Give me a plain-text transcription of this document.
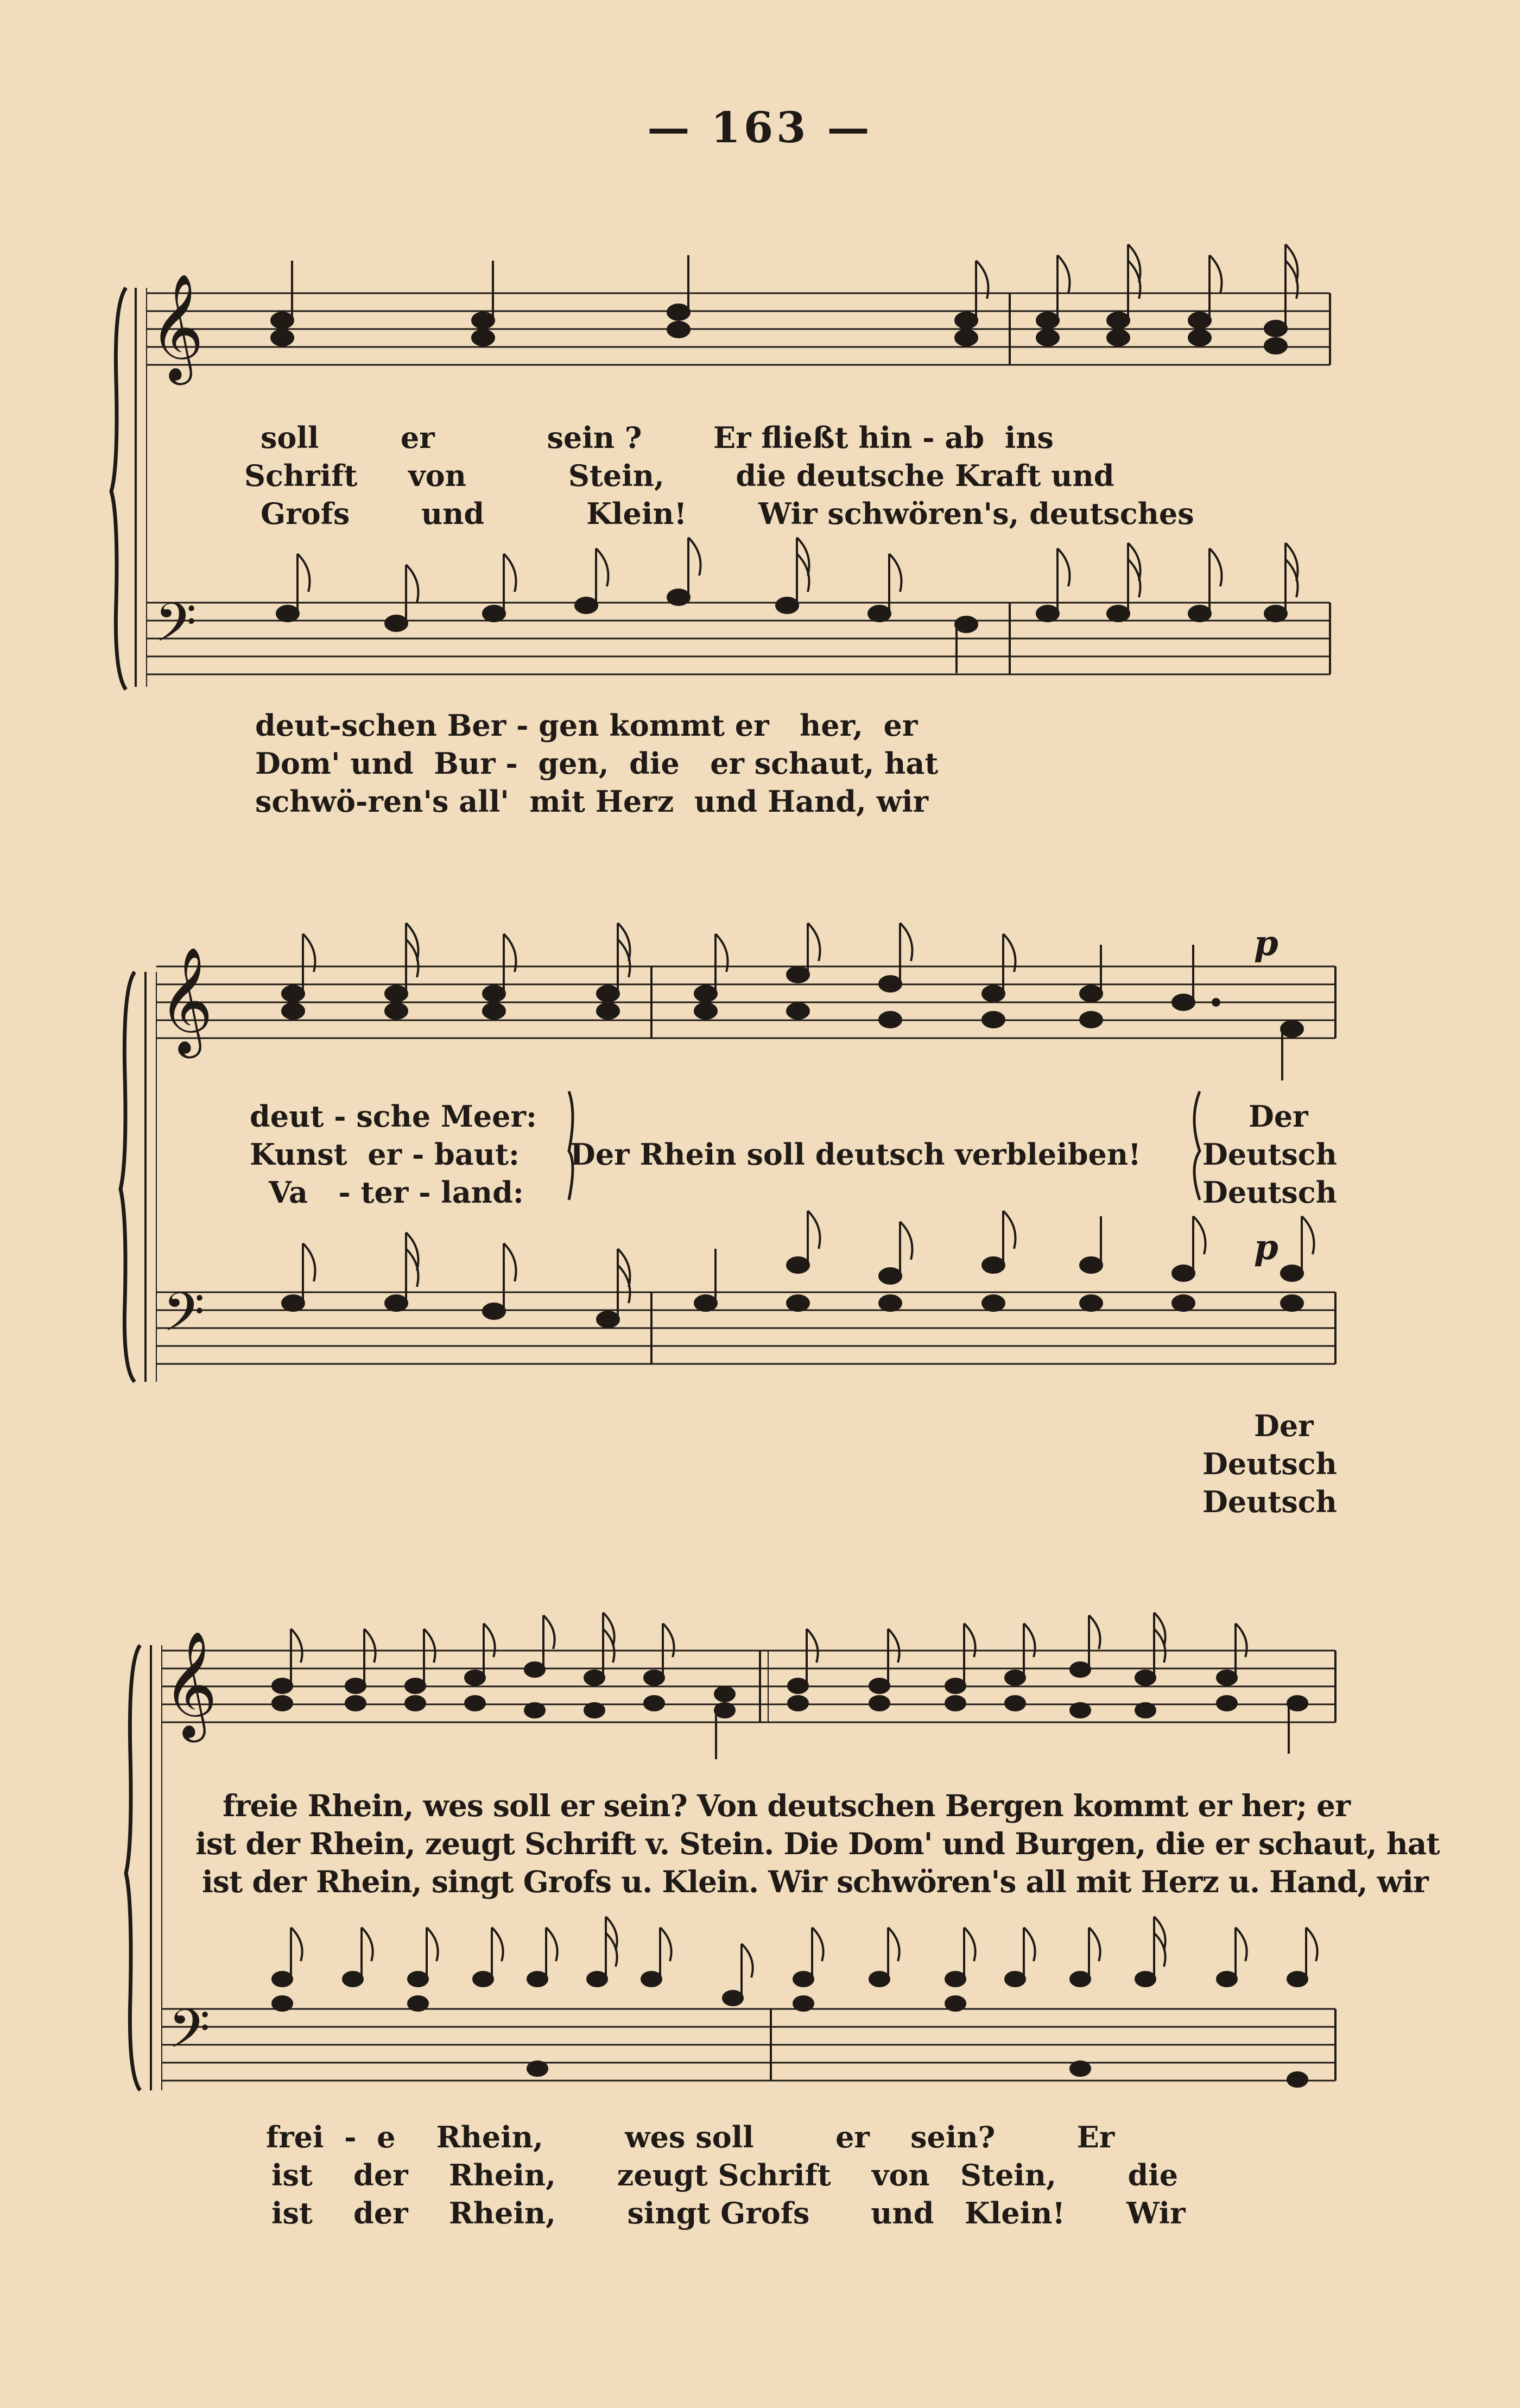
— 163 —

𝄞
𝄢
soll        er           sein ?       Er fließt hin - ab  ins
Schrift     von          Stein,       die deutsche Kraft und
Grofs       und          Klein!       Wir schwören's, deutsches
deut-schen Ber - gen kommt er   her,  er
Dom' und  Bur -  gen,  die   er schaut, hat
schwö-ren's all'  mit Herz  und Hand, wir
𝄞
𝄢
p
p
deut - sche Meer:
Kunst  er - baut:
Va   - ter - land:
Der Rhein soll deutsch verbleiben!
Der
Deutsch
Deutsch
Der
Deutsch
Deutsch
𝄞
𝄢
freie Rhein, wes soll er sein? Von deutschen Bergen kommt er her; er
ist der Rhein, zeugt Schrift v. Stein. Die Dom' und Burgen, die er schaut, hat
ist der Rhein, singt Grofs u. Klein. Wir schwören's all mit Herz u. Hand, wir
frei  -  e    Rhein,        wes soll        er    sein?        Er
ist    der    Rhein,      zeugt Schrift    von   Stein,       die
ist    der    Rhein,       singt Grofs      und   Klein!      Wir
